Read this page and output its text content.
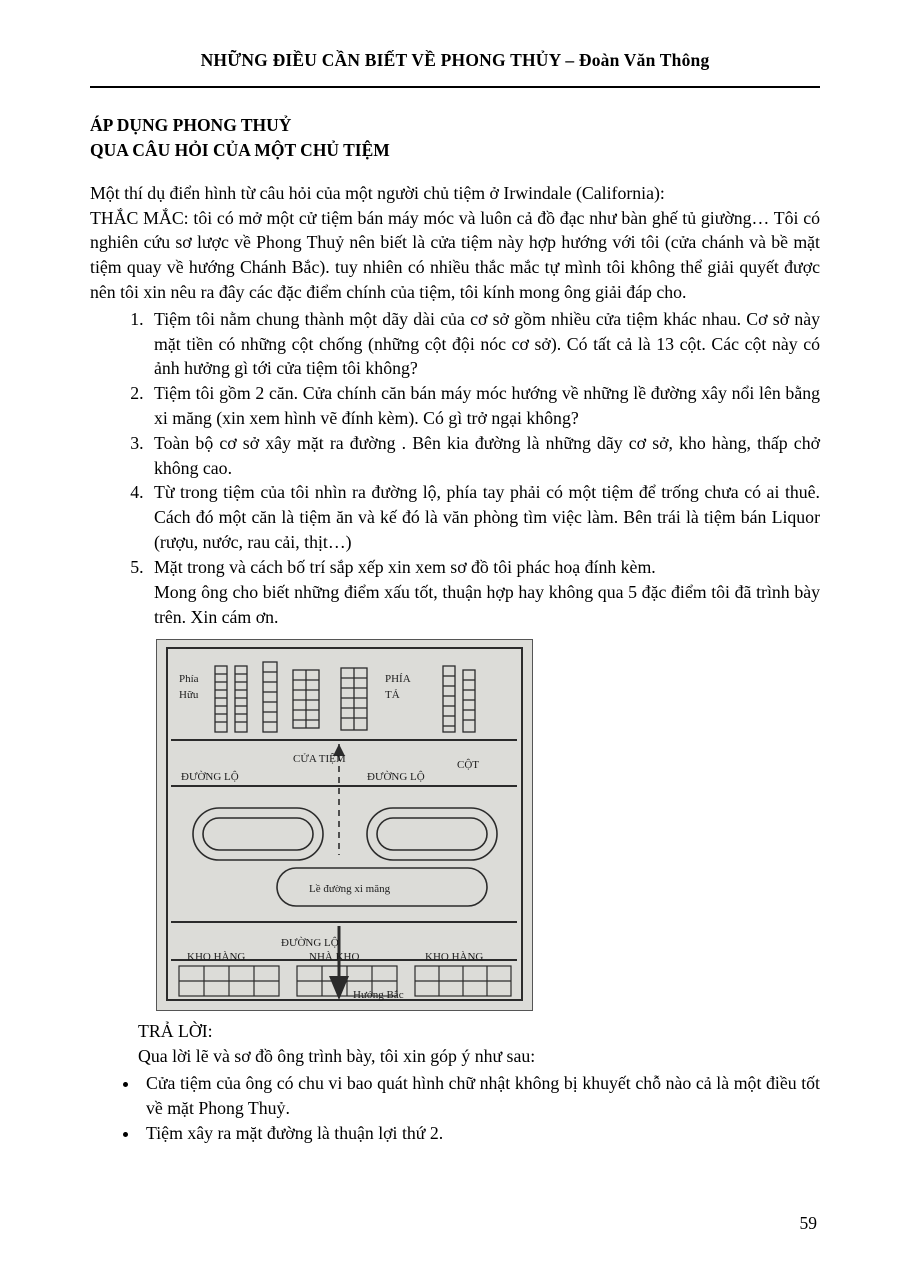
NHỮNG ĐIỀU CẦN BIẾT VỀ PHONG THỦY – Đoàn Văn Thông
ÁP DỤNG PHONG THUỶ
QUA CÂU HỎI CỦA MỘT CHỦ TIỆM

Một thí dụ điển hình từ câu hỏi của một người chủ tiệm ở Irwindale (California):

THẮC MẮC: tôi có mở một cử tiệm bán máy móc và luôn cả đồ đạc như bàn ghế tủ giường… Tôi có nghiên cứu sơ lược về Phong Thuỷ nên biết là cửa tiệm này hợp hướng với tôi (cửa chánh và bề mặt tiệm quay về hướng Chánh Bắc). tuy nhiên có nhiều thắc mắc tự mình tôi không thể giải quyết được nên tôi xin nêu ra đây các đặc điểm chính của tiệm, tôi kính mong ông giải đáp cho.

1. Tiệm tôi nằm chung thành một dãy dài của cơ sở gồm nhiều cửa tiệm khác nhau. Cơ sở này mặt tiền có những cột chống (những cột đội nóc cơ sở). Có tất cả là 13 cột. Các cột này có ảnh hưởng gì tới cửa tiệm tôi không?
2. Tiệm tôi gồm 2 căn. Cửa chính căn bán máy móc hướng về những lề đường xây nổi lên bằng xi măng (xin xem hình vẽ đính kèm). Có gì trở ngại không?
3. Toàn bộ cơ sở xây mặt ra đường . Bên kia đường là những dãy cơ sở, kho hàng, thấp chở không cao.
4. Từ trong tiệm của tôi nhìn ra đường lộ, phía tay phải có một tiệm để trống chưa có ai thuê. Cách đó một căn là tiệm ăn và kế đó là văn phòng tìm việc làm. Bên trái là tiệm bán Liquor (rượu, nước, rau cải, thịt…)
5. Mặt trong và cách bố trí sắp xếp xin xem sơ đồ tôi phác hoạ đính kèm.
Mong ông cho biết những điểm xấu tốt, thuận hợp hay không qua 5 đặc điểm tôi đã trình bày trên. Xin cám ơn.
Phía
Hữu
PHÍA
TẢ
CỬA TIỆM	CỘT
ĐƯỜNG LỘ	ĐƯỜNG LỘ
Lề đường xi măng
ĐƯỜNG LỘ
KHO HÀNG	NHÀ KHO	KHO HÀNG
Hướng Bắc

TRẢ LỜI:

Qua lời lẽ và sơ đồ ông trình bày, tôi xin góp ý như sau:

• Cửa tiệm của ông có chu vi bao quát hình chữ nhật không bị khuyết chỗ nào cả là một điều tốt về mặt Phong Thuỷ.
• Tiệm xây ra mặt đường là thuận lợi thứ 2.
59
